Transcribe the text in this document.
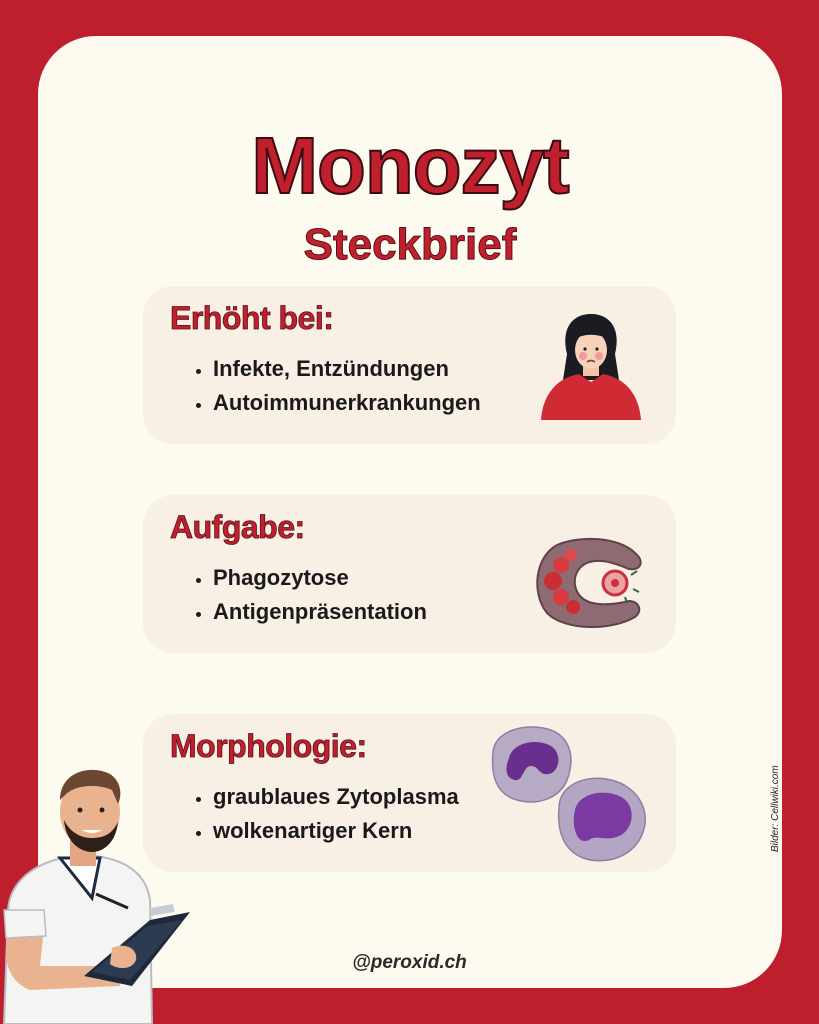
Monozyt
Steckbrief
Erhöht bei:
• Infekte, Entzündungen
• Autoimmunerkrankungen
Aufgabe:
• Phagozytose
• Antigenpräsentation
Morphologie:
• graublaues Zytoplasma
• wolkenartiger Kern	Bilder: Cellwiki.com
@peroxid.ch
